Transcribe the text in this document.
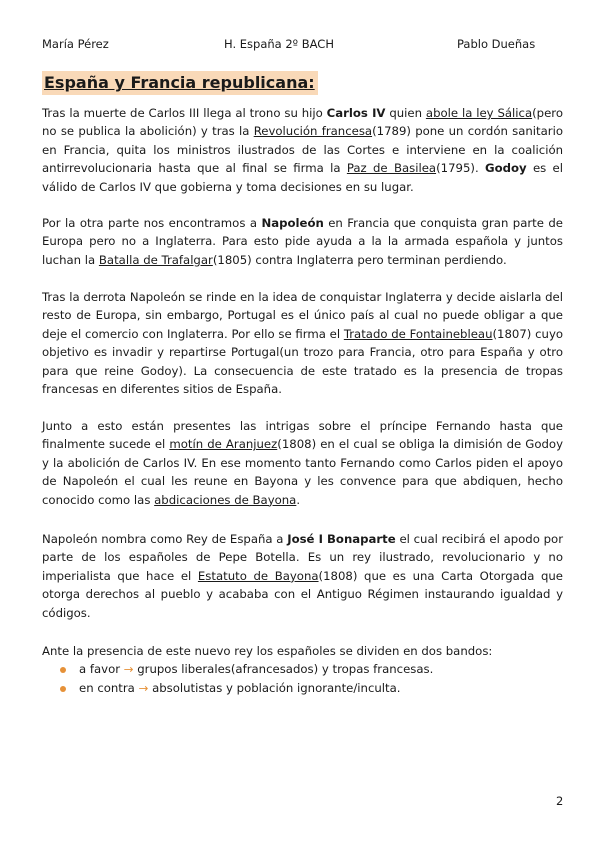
María Pérez	H. España 2º BACH	Pablo Dueñas
España y Francia republicana:

Tras la muerte de Carlos III llega al trono su hijo Carlos IV quien abole la ley Sálica(pero no se publica la abolición) y tras la Revolución francesa(1789) pone un cordón sanitario en Francia, quita los ministros ilustrados de las Cortes e interviene en la coalición antirrevolucionaria hasta que al final se firma la Paz de Basilea(1795). Godoy es el válido de Carlos IV que gobierna y toma decisiones en su lugar.

Por la otra parte nos encontramos a Napoleón en Francia que conquista gran parte de Europa pero no a Inglaterra. Para esto pide ayuda a la la armada española y juntos luchan la Batalla de Trafalgar(1805) contra Inglaterra pero terminan perdiendo.

Tras la derrota Napoleón se rinde en la idea de conquistar Inglaterra y decide aislarla del resto de Europa, sin embargo, Portugal es el único país al cual no puede obligar a que deje el comercio con Inglaterra. Por ello se firma el Tratado de Fontainebleau(1807) cuyo objetivo es invadir y repartirse Portugal(un trozo para Francia, otro para España y otro para que reine Godoy). La consecuencia de este tratado es la presencia de tropas francesas en diferentes sitios de España.

Junto a esto están presentes las intrigas sobre el príncipe Fernando hasta que finalmente sucede el motín de Aranjuez(1808) en el cual se obliga la dimisión de Godoy y la abolición de Carlos IV. En ese momento tanto Fernando como Carlos piden el apoyo de Napoleón el cual les reune en Bayona y les convence para que abdiquen, hecho conocido como las abdicaciones de Bayona.

Napoleón nombra como Rey de España a José I Bonaparte el cual recibirá el apodo por parte de los españoles de Pepe Botella. Es un rey ilustrado, revolucionario y no imperialista que hace el Estatuto de Bayona(1808) que es una Carta Otorgada que otorga derechos al pueblo y acababa con el Antiguo Régimen instaurando igualdad y códigos.

Ante la presencia de este nuevo rey los españoles se dividen en dos bandos:

a favor → grupos liberales(afrancesados) y tropas francesas.
en contra → absolutistas y población ignorante/inculta.
2
